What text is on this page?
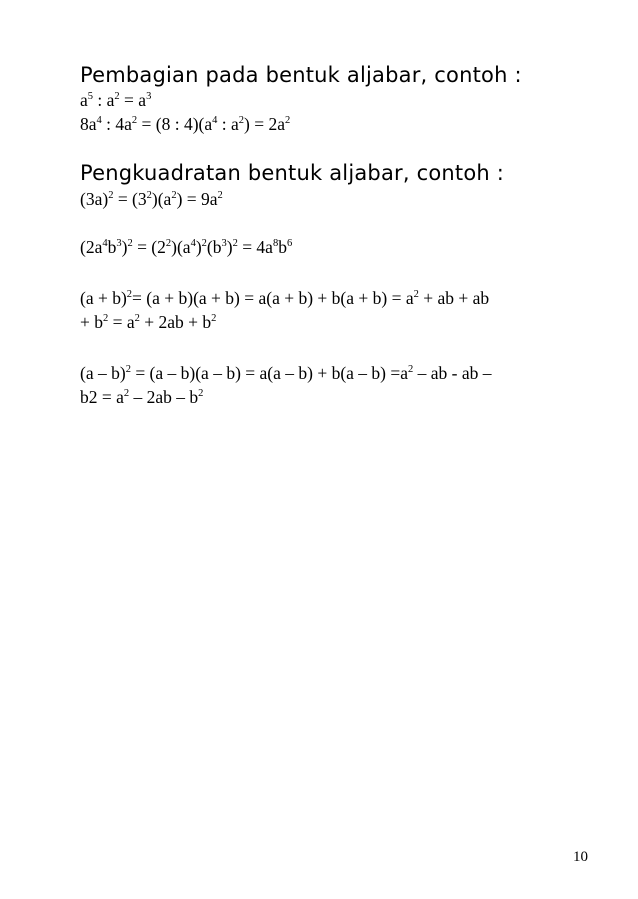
Pembagian pada bentuk aljabar, contoh :
$a^5$ : $a^2 = a^3$
$8a^4$ : $4a^2 = (8$ : $4)(a^4$ : $a^2) = 2a^2$
Pengkuadratan bentuk aljabar, contoh :
$(3a)^2 = (3^2)(a^2) = 9a^2$
$(2a^4b^3)^2 = (2^2)(a^4)^2(b^3)^2 = 4a^8b^6$
$(a + b)^2= (a + b)(a + b) = a(a + b) + b(a + b) = a^2$ + ab + ab
+ $b^2 = a^2 + 2ab + b^2$
$(a - b)^2 = (a - b)(a - b) = a(a - b) + b(a - b) =a^2$ – ab - ab –
$b2 = a^2 - 2ab - b^2$
10
